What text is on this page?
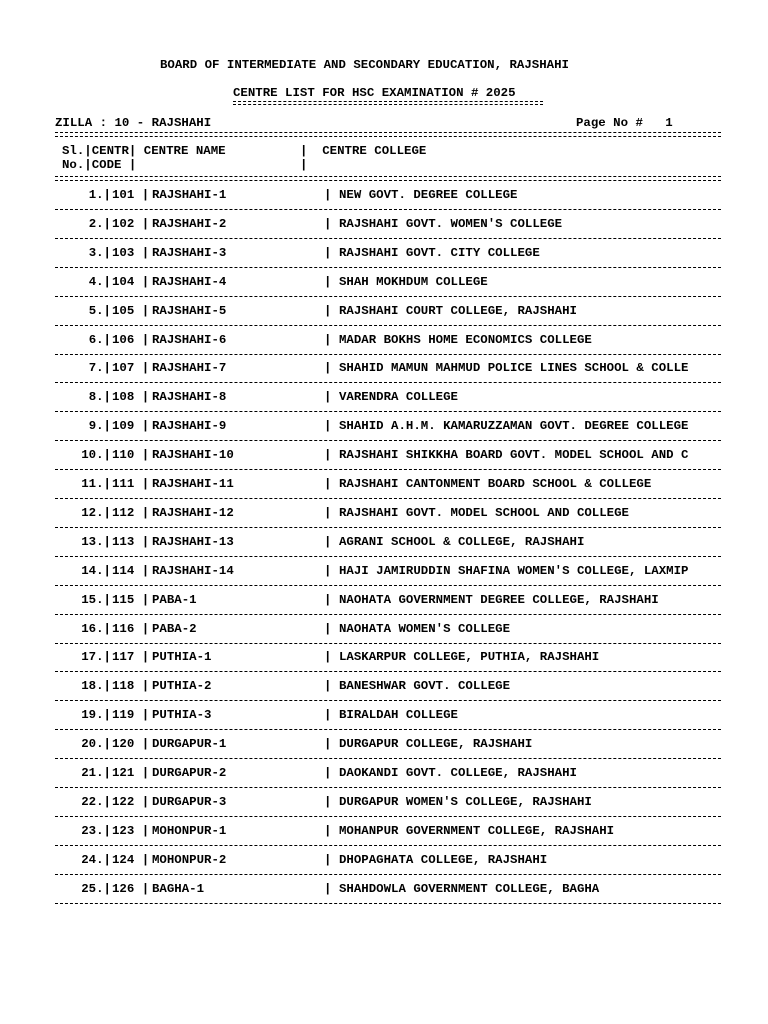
BOARD OF INTERMEDIATE AND SECONDARY EDUCATION, RAJSHAHI
CENTRE LIST FOR HSC EXAMINATION # 2025
ZILLA : 10 - RAJSHAHI	Page No #   1
Sl.|CENTR| CENTRE NAME          |  CENTRE COLLEGE
No.|CODE |                      |
1.| 101 | RAJSHAHI-1	| NEW GOVT. DEGREE COLLEGE
2.| 102 | RAJSHAHI-2	| RAJSHAHI GOVT. WOMEN'S COLLEGE
3.| 103 | RAJSHAHI-3	| RAJSHAHI GOVT. CITY COLLEGE
4.| 104 | RAJSHAHI-4	| SHAH MOKHDUM COLLEGE
5.| 105 | RAJSHAHI-5	| RAJSHAHI COURT COLLEGE, RAJSHAHI
6.| 106 | RAJSHAHI-6	| MADAR BOKHS HOME ECONOMICS COLLEGE
7.| 107 | RAJSHAHI-7	| SHAHID MAMUN MAHMUD POLICE LINES SCHOOL & COLLE
8.| 108 | RAJSHAHI-8	| VARENDRA COLLEGE
9.| 109 | RAJSHAHI-9	| SHAHID A.H.M. KAMARUZZAMAN GOVT. DEGREE COLLEGE
10.| 110 | RAJSHAHI-10	| RAJSHAHI SHIKKHA BOARD GOVT. MODEL SCHOOL AND C
11.| 111 | RAJSHAHI-11	| RAJSHAHI CANTONMENT BOARD SCHOOL & COLLEGE
12.| 112 | RAJSHAHI-12	| RAJSHAHI GOVT. MODEL SCHOOL AND COLLEGE
13.| 113 | RAJSHAHI-13	| AGRANI SCHOOL & COLLEGE, RAJSHAHI
14.| 114 | RAJSHAHI-14	| HAJI JAMIRUDDIN SHAFINA WOMEN'S COLLEGE, LAXMIP
15.| 115 | PABA-1	| NAOHATA GOVERNMENT DEGREE COLLEGE, RAJSHAHI
16.| 116 | PABA-2	| NAOHATA WOMEN'S COLLEGE
17.| 117 | PUTHIA-1	| LASKARPUR COLLEGE, PUTHIA, RAJSHAHI
18.| 118 | PUTHIA-2	| BANESHWAR GOVT. COLLEGE
19.| 119 | PUTHIA-3	| BIRALDAH COLLEGE
20.| 120 | DURGAPUR-1	| DURGAPUR COLLEGE, RAJSHAHI
21.| 121 | DURGAPUR-2	| DAOKANDI GOVT. COLLEGE, RAJSHAHI
22.| 122 | DURGAPUR-3	| DURGAPUR WOMEN'S COLLEGE, RAJSHAHI
23.| 123 | MOHONPUR-1	| MOHANPUR GOVERNMENT COLLEGE, RAJSHAHI
24.| 124 | MOHONPUR-2	| DHOPAGHATA COLLEGE, RAJSHAHI
25.| 126 | BAGHA-1	| SHAHDOWLA GOVERNMENT COLLEGE, BAGHA
